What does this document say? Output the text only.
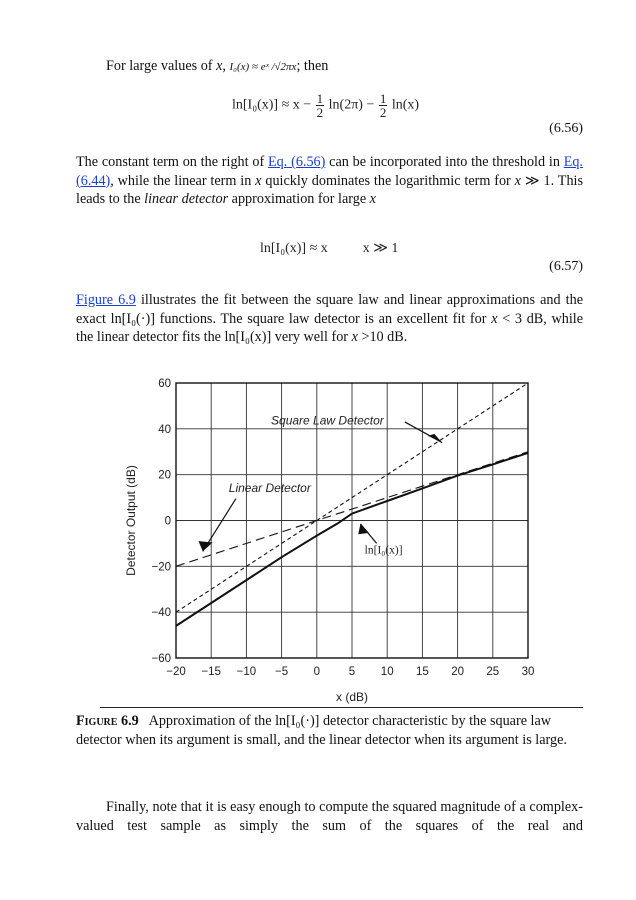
For large values of x, I₀(x) ≈ eˣ /√2πx; then

$\ln[I_0(x)] \approx x - \frac{1}{2} \ln(2\pi) - \frac{1}{2} \ln(x)$
(6.56)

The constant term on the right of Eq. (6.56) can be incorporated into the threshold in Eq. (6.44), while the linear term in x quickly dominates the logarithmic term for x ≫ 1. This leads to the linear detector approximation for large x

ln[I₀(x)] ≈ x	x ≫ 1
(6.57)

Figure 6.9 illustrates the fit between the square law and linear approximations and the exact ln[I₀(·)] functions. The square law detector is an excellent fit for x < 3 dB, while the linear detector fits the ln[I₀(x)] very well for x >10 dB.

−20 −15 −10 −5 0	5 10 15 20 25 30
−60
−40
−20
0
20
40
60
x (dB)
Detector Output (dB)
Square Law Detector
Linear Detector
ln[I₀(x)]
Figure 6.9 Approximation of the ln[I₀(·)] detector characteristic by the square law detector when its argument is small, and the linear detector when its argument is large.

Finally, note that it is easy enough to compute the squared magnitude of a complex-valued test sample as simply the sum of the squares of the real and
